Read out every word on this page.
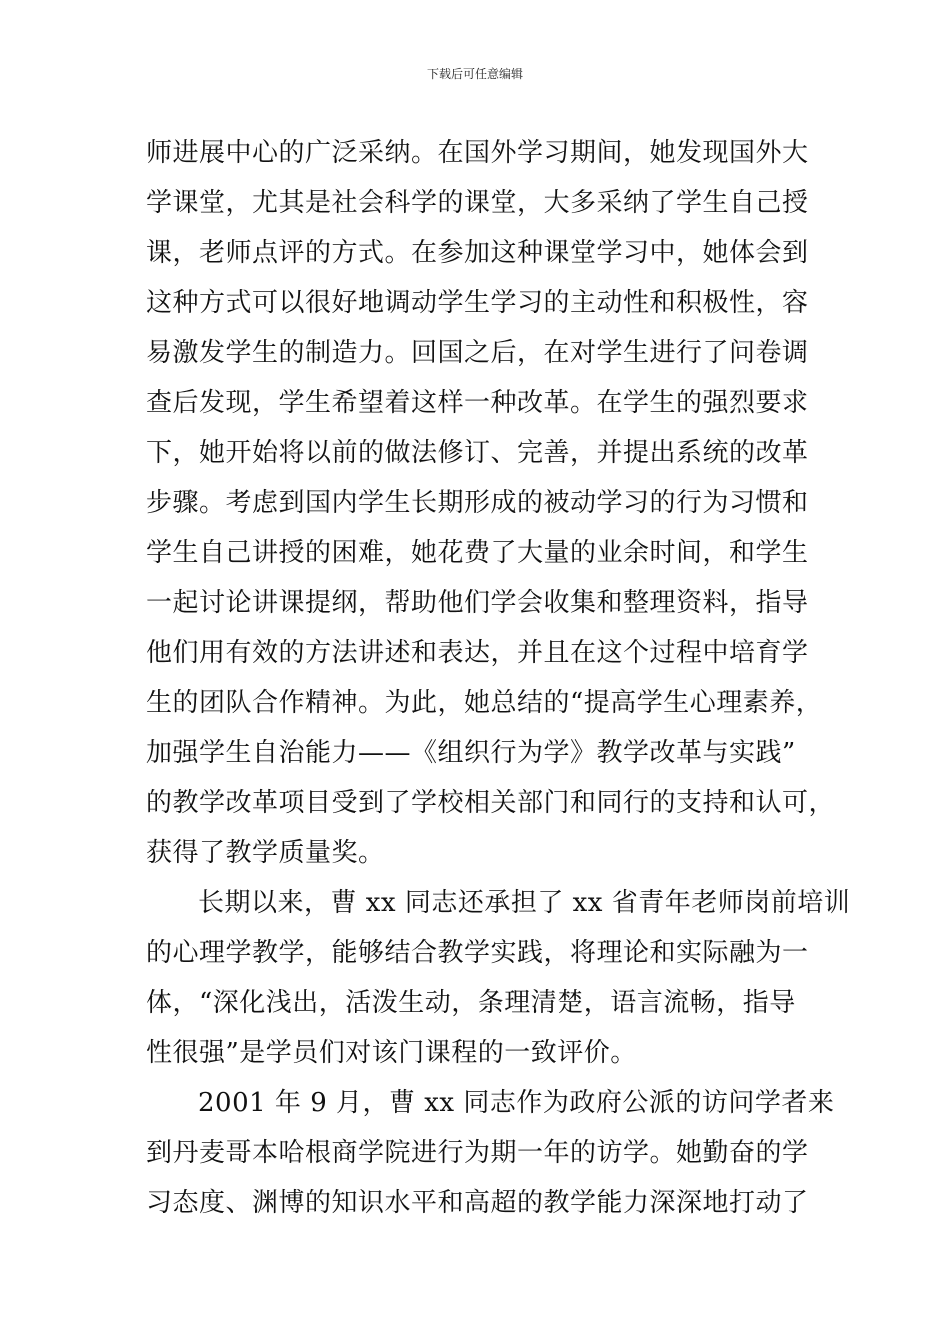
下载后可任意编辑
师进展中心的广泛采纳。在国外学习期间，她发现国外大
学课堂，尤其是社会科学的课堂，大多采纳了学生自己授
课，老师点评的方式。在参加这种课堂学习中，她体会到
这种方式可以很好地调动学生学习的主动性和积极性，容
易激发学生的制造力。回国之后，在对学生进行了问卷调
查后发现，学生希望着这样一种改革。在学生的强烈要求
下，她开始将以前的做法修订、完善，并提出系统的改革
步骤。考虑到国内学生长期形成的被动学习的行为习惯和
学生自己讲授的困难，她花费了大量的业余时间，和学生
一起讨论讲课提纲，帮助他们学会收集和整理资料，指导
他们用有效的方法讲述和表达，并且在这个过程中培育学
生的团队合作精神。为此，她总结的“提高学生心理素养，
加强学生自治能力——《组织行为学》教学改革与实践”
的教学改革项目受到了学校相关部门和同行的支持和认可，
获得了教学质量奖。
长期以来，曹 xx 同志还承担了 xx 省青年老师岗前培训
的心理学教学，能够结合教学实践，将理论和实际融为一
体，“深化浅出，活泼生动，条理清楚，语言流畅，指导
性很强”是学员们对该门课程的一致评价。
2001 年 9 月，曹 xx 同志作为政府公派的访问学者来
到丹麦哥本哈根商学院进行为期一年的访学。她勤奋的学
习态度、渊博的知识水平和高超的教学能力深深地打动了
